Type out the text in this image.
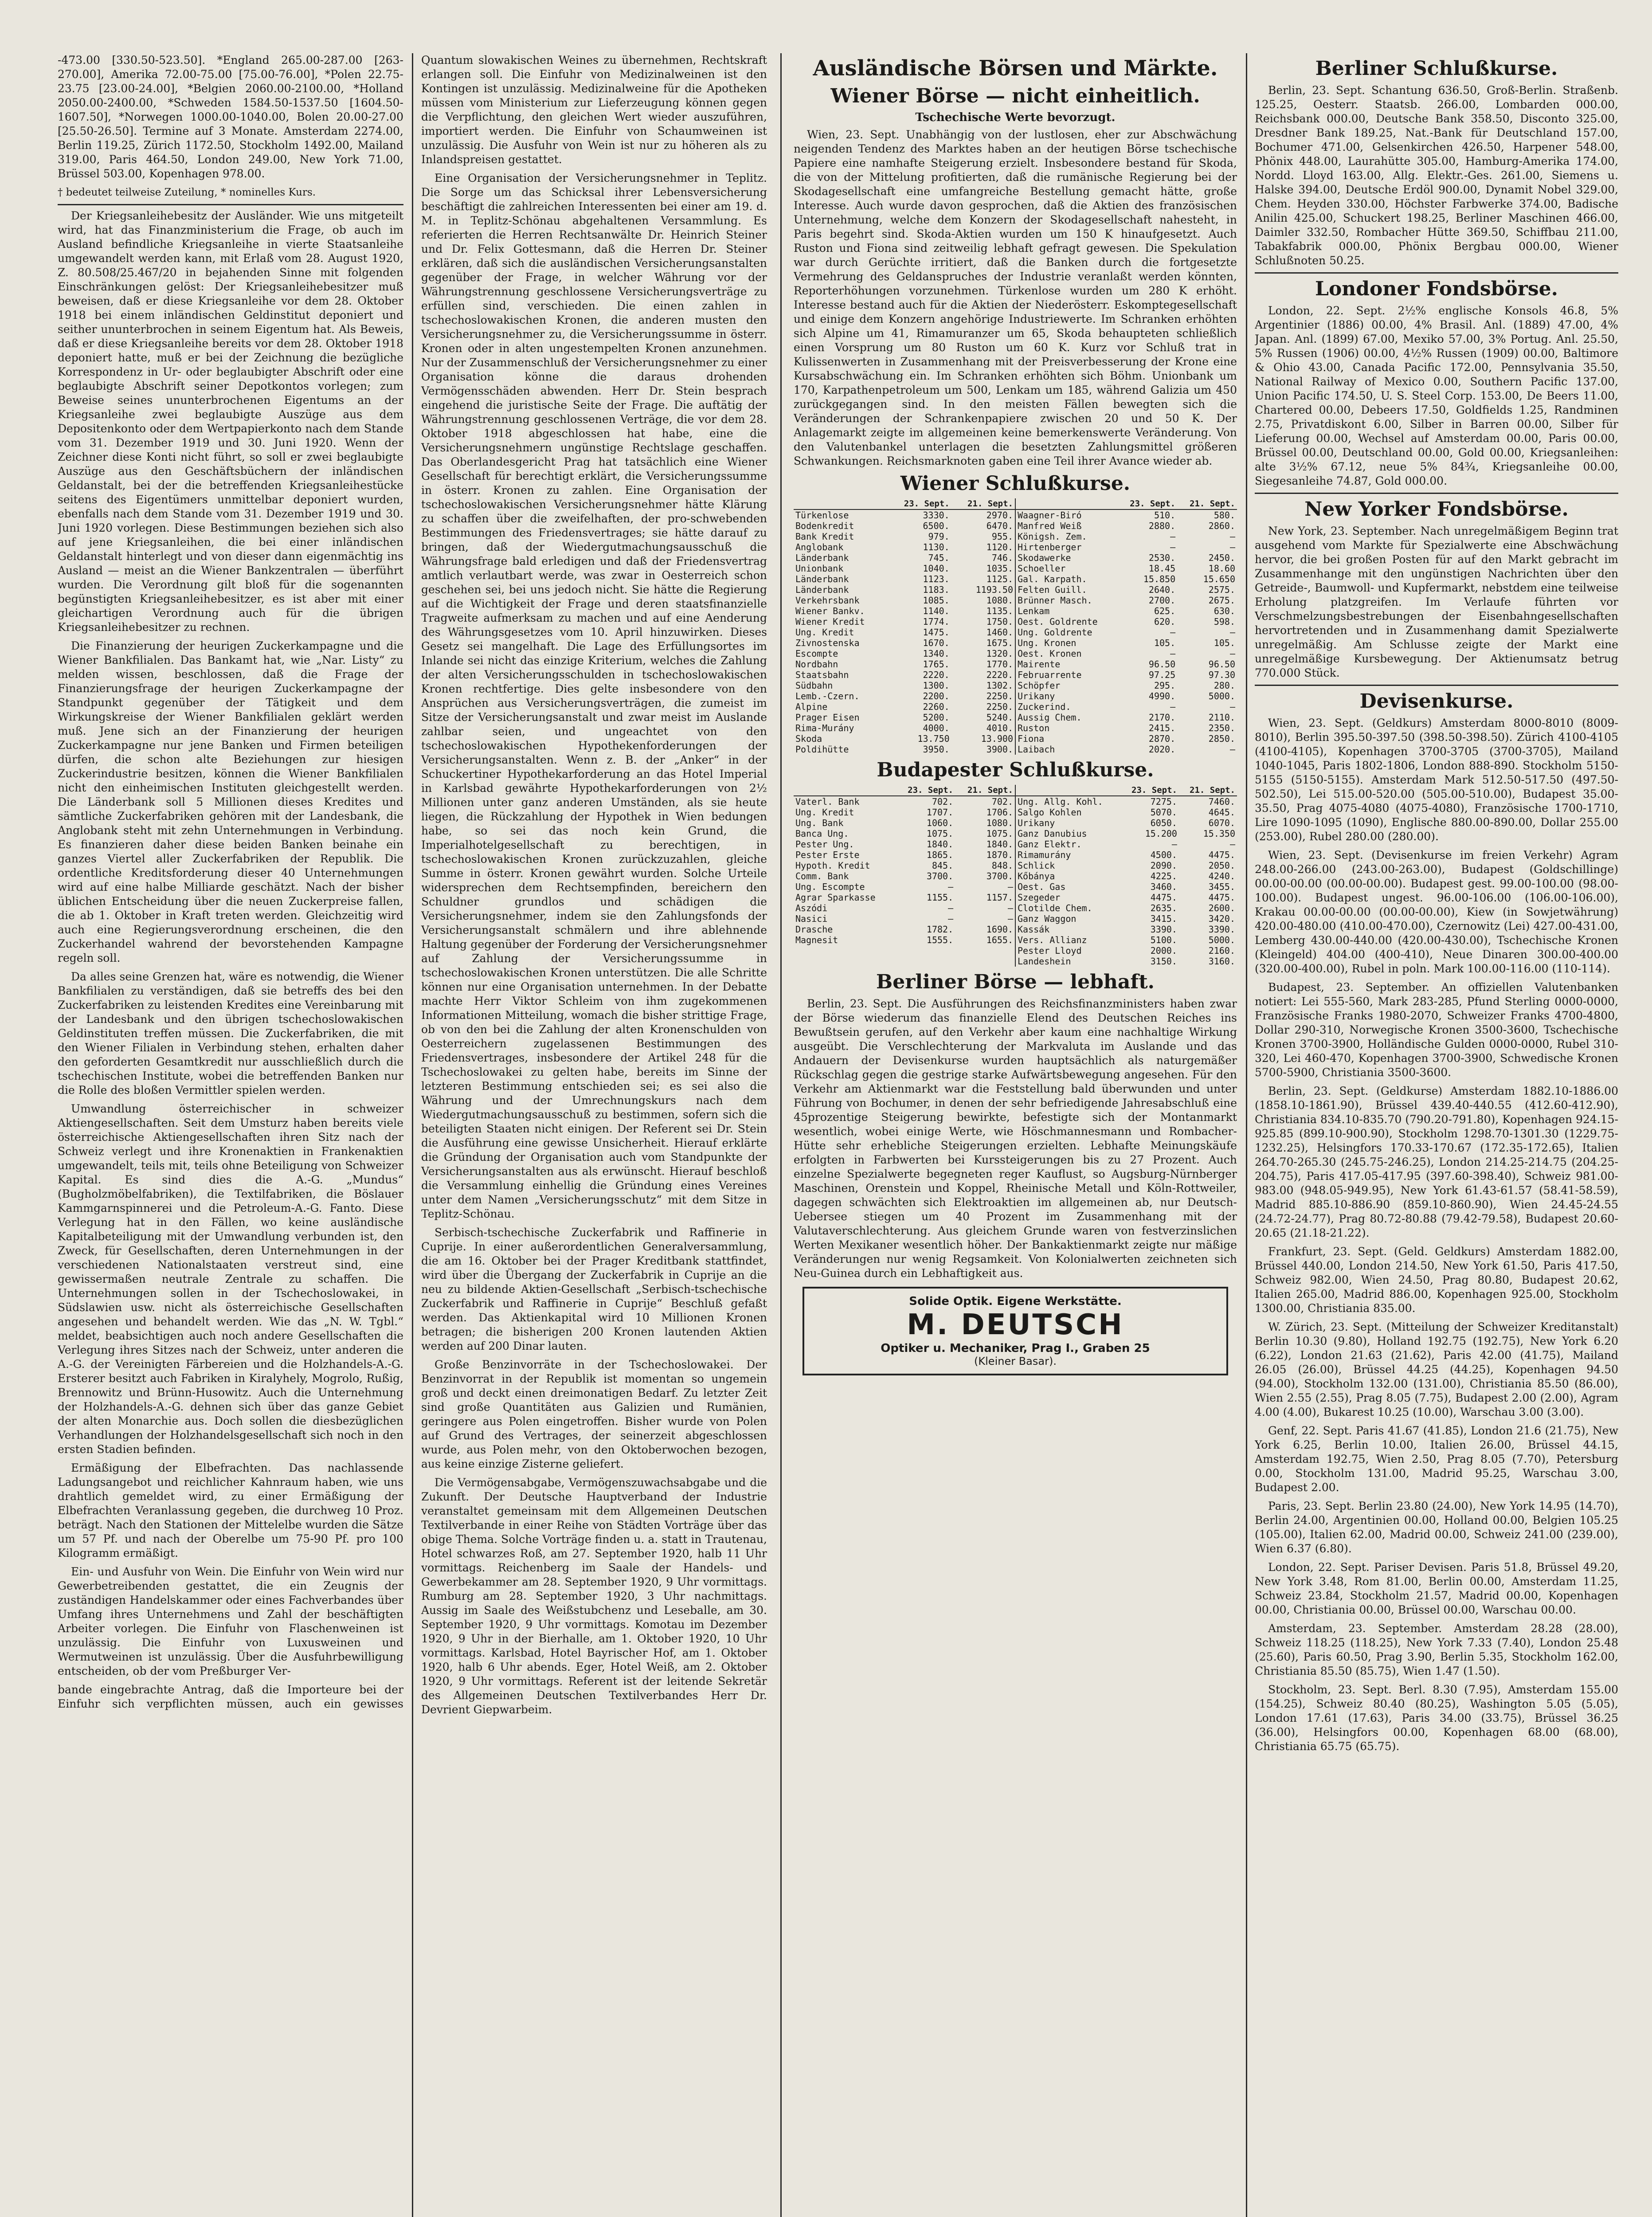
-473.00 [330.50-523.50]. *England 265.00-287.00 [263-270.00], Amerika 72.00-75.00 [75.00-76.00], *Polen 22.75-23.75 [23.00-24.00], *Belgien 2060.00-2100.00, *Holland 2050.00-2400.00, *Schweden 1584.50-1537.50 [1604.50-1607.50], *Norwegen 1000.00-1040.00, Bolen 20.00-27.00 [25.50-26.50]. Termine auf 3 Monate. Amsterdam 2274.00, Berlin 119.25, Zürich 1172.50, Stockholm 1492.00, Mailand 319.00, Paris 464.50, London 249.00, New York 71.00, Brüssel 503.00, Kopenhagen 978.00.

† bedeutet teilweise Zuteilung, * nominelles Kurs.

Der Kriegsanleihebesitz der Ausländer. Wie uns mitgeteilt wird, hat das Finanzministerium die Frage, ob auch im Ausland befindliche Kriegsanleihe in vierte Staatsanleihe umgewandelt werden kann, mit Erlaß vom 28. August 1920, Z. 80.508/25.467/20 in bejahenden Sinne mit folgenden Einschränkungen gelöst: Der Kriegsanleihebesitzer muß beweisen, daß er diese Kriegsanleihe vor dem 28. Oktober 1918 bei einem inländischen Geldinstitut deponiert und seither ununterbrochen in seinem Eigentum hat. Als Beweis, daß er diese Kriegsanleihe bereits vor dem 28. Oktober 1918 deponiert hatte, muß er bei der Zeichnung die bezügliche Korrespondenz in Ur- oder beglaubigter Abschrift oder eine beglaubigte Abschrift seiner Depotkontos vorlegen; zum Beweise seines ununterbrochenen Eigentums an der Kriegsanleihe zwei beglaubigte Auszüge aus dem Depositenkonto oder dem Wertpapierkonto nach dem Stande vom 31. Dezember 1919 und 30. Juni 1920. Wenn der Zeichner diese Konti nicht führt, so soll er zwei beglaubigte Auszüge aus den Geschäftsbüchern der inländischen Geldanstalt, bei der die betreffenden Kriegsanleihestücke seitens des Eigentümers unmittelbar deponiert wurden, ebenfalls nach dem Stande vom 31. Dezember 1919 und 30. Juni 1920 vorlegen. Diese Bestimmungen beziehen sich also auf jene Kriegsanleihen, die bei einer inländischen Geldanstalt hinterlegt und von dieser dann eigenmächtig ins Ausland — meist an die Wiener Bankzentralen — überführt wurden. Die Verordnung gilt bloß für die sogenannten begünstigten Kriegsanleihebesitzer, es ist aber mit einer gleichartigen Verordnung auch für die übrigen Kriegsanleihebesitzer zu rechnen.

Die Finanzierung der heurigen Zuckerkampagne und die Wiener Bankfilialen. Das Bankamt hat, wie „Nar. Listy“ zu melden wissen, beschlossen, daß die Frage der Finanzierungsfrage der heurigen Zuckerkampagne der Standpunkt gegenüber der Tätigkeit und dem Wirkungskreise der Wiener Bankfilialen geklärt werden muß. Jene sich an der Finanzierung der heurigen Zuckerkampagne nur jene Banken und Firmen beteiligen dürfen, die schon alte Beziehungen zur hiesigen Zuckerindustrie besitzen, können die Wiener Bankfilialen nicht den einheimischen Instituten gleichgestellt werden. Die Länderbank soll 5 Millionen dieses Kredites und sämtliche Zuckerfabriken gehören mit der Landesbank, die Anglobank steht mit zehn Unternehmungen in Verbindung. Es finanzieren daher diese beiden Banken beinahe ein ganzes Viertel aller Zuckerfabriken der Republik. Die ordentliche Kreditsforderung dieser 40 Unternehmungen wird auf eine halbe Milliarde geschätzt. Nach der bisher üblichen Entscheidung über die neuen Zuckerpreise fallen, die ab 1. Oktober in Kraft treten werden. Gleichzeitig wird auch eine Regierungsverordnung erscheinen, die den Zuckerhandel wahrend der bevorstehenden Kampagne regeln soll.

Da alles seine Grenzen hat, wäre es notwendig, die Wiener Bankfilialen zu verständigen, daß sie betreffs des bei den Zuckerfabriken zu leistenden Kredites eine Vereinbarung mit der Landesbank und den übrigen tschechoslowakischen Geldinstituten treffen müssen. Die Zuckerfabriken, die mit den Wiener Filialen in Verbindung stehen, erhalten daher den geforderten Gesamtkredit nur ausschließlich durch die tschechischen Institute, wobei die betreffenden Banken nur die Rolle des bloßen Vermittler spielen werden.

Umwandlung österreichischer in schweizer Aktiengesellschaften. Seit dem Umsturz haben bereits viele österreichische Aktiengesellschaften ihren Sitz nach der Schweiz verlegt und ihre Kronenaktien in Frankenaktien umgewandelt, teils mit, teils ohne Beteiligung von Schweizer Kapital. Es sind dies die A.-G. „Mundus“ (Bugholzmöbelfabriken), die Textilfabriken, die Böslauer Kammgarnspinnerei und die Petroleum-A.-G. Fanto. Diese Verlegung hat in den Fällen, wo keine ausländische Kapitalbeteiligung mit der Umwandlung verbunden ist, den Zweck, für Gesellschaften, deren Unternehmungen in der verschiedenen Nationalstaaten verstreut sind, eine gewissermaßen neutrale Zentrale zu schaffen. Die Unternehmungen sollen in der Tschechoslowakei, in Südslawien usw. nicht als österreichische Gesellschaften angesehen und behandelt werden. Wie das „N. W. Tgbl.“ meldet, beabsichtigen auch noch andere Gesellschaften die Verlegung ihres Sitzes nach der Schweiz, unter anderen die A.-G. der Vereinigten Färbereien und die Holzhandels-A.-G. Ersterer besitzt auch Fabriken in Kiralyhely, Mogrolo, Rußig, Brennowitz und Brünn-Husowitz. Auch die Unternehmung der Holzhandels-A.-G. dehnen sich über das ganze Gebiet der alten Monarchie aus. Doch sollen die diesbezüglichen Verhandlungen der Holzhandelsgesellschaft sich noch in den ersten Stadien befinden.

Ermäßigung der Elbefrachten. Das nachlassende Ladungsangebot und reichlicher Kahnraum haben, wie uns drahtlich gemeldet wird, zu einer Ermäßigung der Elbefrachten Veranlassung gegeben, die durchweg 10 Proz. beträgt. Nach den Stationen der Mittelelbe wurden die Sätze um 57 Pf. und nach der Oberelbe um 75-90 Pf. pro 100 Kilogramm ermäßigt.

Ein- und Ausfuhr von Wein. Die Einfuhr von Wein wird nur Gewerbetreibenden gestattet, die ein Zeugnis der zuständigen Handelskammer oder eines Fachverbandes über Umfang ihres Unternehmens und Zahl der beschäftigten Arbeiter vorlegen. Die Einfuhr von Flaschenweinen ist unzulässig. Die Einfuhr von Luxusweinen und Wermutweinen ist unzulässig. Über die Ausfuhrbewilligung entscheiden, ob der vom Preßburger Ver-

bande eingebrachte Antrag, daß die Importeure bei der Einfuhr sich verpflichten müssen, auch ein gewisses Quantum slowakischen Weines zu übernehmen, Rechtskraft erlangen soll. Die Einfuhr von Medizinalweinen ist den Kontingen ist unzulässig. Medizinalweine für die Apotheken müssen vom Ministerium zur Lieferzeugung können gegen die Verpflichtung, den gleichen Wert wieder auszuführen, importiert werden. Die Einfuhr von Schaumweinen ist unzulässig. Die Ausfuhr von Wein ist nur zu höheren als zu Inlandspreisen gestattet.

Eine Organisation der Versicherungsnehmer in Teplitz. Die Sorge um das Schicksal ihrer Lebensversicherung beschäftigt die zahlreichen Interessenten bei einer am 19. d. M. in Teplitz-Schönau abgehaltenen Versammlung. Es referierten die Herren Rechtsanwälte Dr. Heinrich Steiner und Dr. Felix Gottesmann, daß die Herren Dr. Steiner erklären, daß sich die ausländischen Versicherungsanstalten gegenüber der Frage, in welcher Währung vor der Währungstrennung geschlossene Versicherungsverträge zu erfüllen sind, verschieden. Die einen zahlen in tschechoslowakischen Kronen, die anderen musten den Versicherungsnehmer zu, die Versicherungssumme in österr. Kronen oder in alten ungestempelten Kronen anzunehmen. Nur der Zusammenschluß der Versicherungsnehmer zu einer Organisation könne die daraus drohenden Vermögensschäden abwenden. Herr Dr. Stein besprach eingehend die juristische Seite der Frage. Die auftätig der Währungstrennung geschlossenen Verträge, die vor dem 28. Oktober 1918 abgeschlossen hat habe, eine die Versicherungsnehmern ungünstige Rechtslage geschaffen. Das Oberlandesgericht Prag hat tatsächlich eine Wiener Gesellschaft für berechtigt erklärt, die Versicherungssumme in österr. Kronen zu zahlen. Eine Organisation der tschechoslowakischen Versicherungsnehmer hätte Klärung zu schaffen über die zweifelhaften, der pro-schwebenden Bestimmungen des Friedensvertrages; sie hätte darauf zu bringen, daß der Wiedergutmachungsausschuß die Währungsfrage bald erledigen und daß der Friedensvertrag amtlich verlautbart werde, was zwar in Oesterreich schon geschehen sei, bei uns jedoch nicht. Sie hätte die Regierung auf die Wichtigkeit der Frage und deren staatsfinanzielle Tragweite aufmerksam zu machen und auf eine Aenderung des Währungsgesetzes vom 10. April hinzuwirken. Dieses Gesetz sei mangelhaft. Die Lage des Erfüllungsortes im Inlande sei nicht das einzige Kriterium, welches die Zahlung der alten Versicherungsschulden in tschechoslowakischen Kronen rechtfertige. Dies gelte insbesondere von den Ansprüchen aus Versicherungsverträgen, die zumeist im Sitze der Versicherungsanstalt und zwar meist im Auslande zahlbar seien, und ungeachtet von den tschechoslowakischen Hypothekenforderungen der Versicherungsanstalten. Wenn z. B. der „Anker“ in der Schuckertiner Hypothekarforderung an das Hotel Imperial in Karlsbad gewährte Hypothekarforderungen von 2½ Millionen unter ganz anderen Umständen, als sie heute liegen, die Rückzahlung der Hypothek in Wien bedungen habe, so sei das noch kein Grund, die Imperialhotelgesellschaft zu berechtigen, in tschechoslowakischen Kronen zurückzuzahlen, gleiche Summe in österr. Kronen gewährt wurden. Solche Urteile widersprechen dem Rechtsempfinden, bereichern den Schuldner grundlos und schädigen die Versicherungsnehmer, indem sie den Zahlungsfonds der Versicherungsanstalt schmälern und ihre ablehnende Haltung gegenüber der Forderung der Versicherungsnehmer auf Zahlung der Versicherungssumme in tschechoslowakischen Kronen unterstützen. Die alle Schritte können nur eine Organisation unternehmen. In der Debatte machte Herr Viktor Schleim von ihm zugekommenen Informationen Mitteilung, womach die bisher strittige Frage, ob von den bei die Zahlung der alten Kronenschulden von Oesterreichern zugelassenen Bestimmungen des Friedensvertrages, insbesondere der Artikel 248 für die Tschechoslowakei zu gelten habe, bereits im Sinne der letzteren Bestimmung entschieden sei; es sei also die Währung und der Umrechnungskurs nach dem Wiedergutmachungsausschuß zu bestimmen, sofern sich die beteiligten Staaten nicht einigen. Der Referent sei Dr. Stein die Ausführung eine gewisse Unsicherheit. Hierauf erklärte die Gründung der Organisation auch vom Standpunkte der Versicherungsanstalten aus als erwünscht. Hierauf beschloß die Versammlung einhellig die Gründung eines Vereines unter dem Namen „Versicherungsschutz“ mit dem Sitze in Teplitz-Schönau.

Serbisch-tschechische Zuckerfabrik und Raffinerie in Cuprije. In einer außerordentlichen Generalversammlung, die am 16. Oktober bei der Prager Kreditbank stattfindet, wird über die Übergang der Zuckerfabrik in Cuprije an die neu zu bildende Aktien-Gesellschaft „Serbisch-tschechische Zuckerfabrik und Raffinerie in Cuprije“ Beschluß gefaßt werden. Das Aktienkapital wird 10 Millionen Kronen betragen; die bisherigen 200 Kronen lautenden Aktien werden auf 200 Dinar lauten.

Große Benzinvorräte in der Tschechoslowakei. Der Benzinvorrat in der Republik ist momentan so ungemein groß und deckt einen dreimonatigen Bedarf. Zu letzter Zeit sind große Quantitäten aus Galizien und Rumänien, geringere aus Polen eingetroffen. Bisher wurde von Polen auf Grund des Vertrages, der seinerzeit abgeschlossen wurde, aus Polen mehr, von den Oktoberwochen bezogen, aus keine einzige Zisterne geliefert.

Die Vermögensabgabe, Vermögenszuwachsabgabe und die Zukunft. Der Deutsche Hauptverband der Industrie veranstaltet gemeinsam mit dem Allgemeinen Deutschen Textilverbande in einer Reihe von Städten Vorträge über das obige Thema. Solche Vorträge finden u. a. statt in Trautenau, Hotel schwarzes Roß, am 27. September 1920, halb 11 Uhr vormittags. Reichenberg im Saale der Handels- und Gewerbekammer am 28. September 1920, 9 Uhr vormittags. Rumburg am 28. September 1920, 3 Uhr nachmittags. Aussig im Saale des Weißstubchenz und Leseballe, am 30. September 1920, 9 Uhr vormittags. Komotau im Dezember 1920, 9 Uhr in der Bierhalle, am 1. Oktober 1920, 10 Uhr vormittags. Karlsbad, Hotel Bayrischer Hof, am 1. Oktober 1920, halb 6 Uhr abends. Eger, Hotel Weiß, am 2. Oktober 1920, 9 Uhr vormittags. Referent ist der leitende Sekretär des Allgemeinen Deutschen Textilverbandes Herr Dr. Devrient Giepwarbeim.

Ausländische Börsen und Märkte.
Wiener Börse — nicht einheitlich.
Tschechische Werte bevorzugt.

Wien, 23. Sept. Unabhängig von der lustlosen, eher zur Abschwächung neigenden Tendenz des Marktes haben an der heutigen Börse tschechische Papiere eine namhafte Steigerung erzielt. Insbesondere bestand für Skoda, die von der Mittelung profitierten, daß die rumänische Regierung bei der Skodagesellschaft eine umfangreiche Bestellung gemacht hätte, große Interesse. Auch wurde davon gesprochen, daß die Aktien des französischen Unternehmung, welche dem Konzern der Skodagesellschaft nahesteht, in Paris begehrt sind. Skoda-Aktien wurden um 150 K hinaufgesetzt. Auch Ruston und Fiona sind zeitweilig lebhaft gefragt gewesen. Die Spekulation war durch Gerüchte irritiert, daß die Banken durch die fortgesetzte Vermehrung des Geldanspruches der Industrie veranlaßt werden könnten, Reporterhöhungen vorzunehmen. Türkenlose wurden um 280 K erhöht. Interesse bestand auch für die Aktien der Niederösterr. Eskomptegesellschaft und einige dem Konzern angehörige Industriewerte. Im Schranken erhöhten sich Alpine um 41, Rimamuranzer um 65, Skoda behaupteten schließlich einen Vorsprung um 80 Ruston um 60 K. Kurz vor Schluß trat in Kulissenwerten in Zusammenhang mit der Preisverbesserung der Krone eine Kursabschwächung ein. Im Schranken erhöhten sich Böhm. Unionbank um 170, Karpathenpetroleum um 500, Lenkam um 185, während Galizia um 450 zurückgegangen sind. In den meisten Fällen bewegten sich die Veränderungen der Schrankenpapiere zwischen 20 und 50 K. Der Anlagemarkt zeigte im allgemeinen keine bemerkenswerte Veränderung. Von den Valutenbankel unterlagen die besetzten Zahlungsmittel größeren Schwankungen. Reichsmarknoten gaben eine Teil ihrer Avance wieder ab.

Wiener Schlußkurse.
	23. Sept.	21. Sept.
Türkenlose	3330.	2970.
Bodenkredit	6500.	6470.
Bank Kredit	979.	955.
Anglobank	1130.	1120.
Länderbank	745.	746.
Unionbank	1040.	1035.
Länderbank	1123.	1125.
Länderbank	1183.	1193.50
Verkehrsbank	1085.	1080.
Wiener Bankv.	1140.	1135.
Wiener Kredit	1774.	1750.
Ung. Kredit	1475.	1460.
Zivnostenska	1670.	1675.
Escompte	1340.	1320.
Nordbahn	1765.	1770.
Staatsbahn	2220.	2220.
Südbahn	1300.	1302.
Lemb.-Czern.	2200.	2250.
Alpine	2260.	2250.
Prager Eisen	5200.	5240.
Rima-Murány	4000.	4010.
Skoda	13.750	13.900
Poldihütte	3950.	3900.
	23. Sept.	21. Sept.
Waagner-Biró	510.	580.
Manfred Weiß	2880.	2860.
Königsh. Zem.	—	—
Hirtenberger	—	—
Skodawerke	2530.	2450.
Schoeller	18.45	18.60
Gal. Karpath.	15.850	15.650
Felten Guill.	2640.	2575.
Brünner Masch.	2700.	2675.
Lenkam	625.	630.
Oest. Goldrente	620.	598.
Ung. Goldrente	—	—
Ung. Kronen	105.	105.
Oest. Kronen	—	—
Mairente	96.50	96.50
Februarrente	97.25	97.30
Schöpfer	295.	280.
Urikany	4990.	5000.
Zuckerind.	—	—
Aussig Chem.	2170.	2110.
Ruston	2415.	2350.
Fiona	2870.	2850.
Laibach	2020.	—
Budapester Schlußkurse.
	23. Sept.	21. Sept.
Vaterl. Bank	702.	702.
Ung. Kredit	1707.	1706.
Ung. Bank	1060.	1080.
Banca Ung.	1075.	1075.
Pester Ung.	1840.	1840.
Pester Erste	1865.	1870.
Hypoth. Kredit	845.	848.
Comm. Bank	3700.	3700.
Ung. Escompte	—	—
Agrar Sparkasse	1155.	1157.
Aszódi	—	—
Nasici	—	—
Drasche	1782.	1690.
Magnesit	1555.	1655.
	23. Sept.	21. Sept.
Ung. Allg. Kohl.	7275.	7460.
Salgo Kohlen	5070.	4645.
Urikany	6050.	6070.
Ganz Danubius	15.200	15.350
Ganz Elektr.	—	—
Rimamurány	4500.	4475.
Schlick	2090.	2050.
Kőbánya	4225.	4240.
Oest. Gas	3460.	3455.
Szegeder	4475.	4475.
Clotilde Chem.	2635.	2600.
Ganz Waggon	3415.	3420.
Kassák	3390.	3390.
Vers. Allianz	5100.	5000.
Pester Lloyd	2000.	2160.
Landeshein	3150.	3160.
Berliner Börse — lebhaft.

Berlin, 23. Sept. Die Ausführungen des Reichsfinanzministers haben zwar der Börse wiederum das finanzielle Elend des Deutschen Reiches ins Bewußtsein gerufen, auf den Verkehr aber kaum eine nachhaltige Wirkung ausgeübt. Die Verschlechterung der Markvaluta im Auslande und das Andauern der Devisenkurse wurden hauptsächlich als naturgemäßer Rückschlag gegen die gestrige starke Aufwärtsbewegung angesehen. Für den Verkehr am Aktienmarkt war die Feststellung bald überwunden und unter Führung von Bochumer, in denen der sehr befriedigende Jahresabschluß eine 45prozentige Steigerung bewirkte, befestigte sich der Montanmarkt wesentlich, wobei einige Werte, wie Höschmannesmann und Rombacher-Hütte sehr erhebliche Steigerungen erzielten. Lebhafte Meinungskäufe erfolgten in Farbwerten bei Kurssteigerungen bis zu 27 Prozent. Auch einzelne Spezialwerte begegneten reger Kauflust, so Augsburg-Nürnberger Maschinen, Orenstein und Koppel, Rheinische Metall und Köln-Rottweiler, dagegen schwächten sich Elektroaktien im allgemeinen ab, nur Deutsch-Uebersee stiegen um 40 Prozent im Zusammenhang mit der Valutaverschlechterung. Aus gleichem Grunde waren von festverzinslichen Werten Mexikaner wesentlich höher. Der Bankaktienmarkt zeigte nur mäßige Veränderungen nur wenig Regsamkeit. Von Kolonialwerten zeichneten sich Neu-Guinea durch ein Lebhaftigkeit aus.

Solide Optik. Eigene Werkstätte.
M. DEUTSCH
Optiker u. Mechaniker, Prag I., Graben 25
(Kleiner Basar).
Berliner Schlußkurse.

Berlin, 23. Sept. Schantung 636.50, Groß-Berlin. Straßenb. 125.25, Oesterr. Staatsb. 266.00, Lombarden 000.00, Reichsbank 000.00, Deutsche Bank 358.50, Disconto 325.00, Dresdner Bank 189.25, Nat.-Bank für Deutschland 157.00, Bochumer 471.00, Gelsenkirchen 426.50, Harpener 548.00, Phönix 448.00, Laurahütte 305.00, Hamburg-Amerika 174.00, Nordd. Lloyd 163.00, Allg. Elektr.-Ges. 261.00, Siemens u. Halske 394.00, Deutsche Erdöl 900.00, Dynamit Nobel 329.00, Chem. Heyden 330.00, Höchster Farbwerke 374.00, Badische Anilin 425.00, Schuckert 198.25, Berliner Maschinen 466.00, Daimler 332.50, Rombacher Hütte 369.50, Schiffbau 211.00, Tabakfabrik 000.00, Phönix Bergbau 000.00, Wiener Schlußnoten 50.25.

Londoner Fondsbörse.

London, 22. Sept. 2½% englische Konsols 46.8, 5% Argentinier (1886) 00.00, 4% Brasil. Anl. (1889) 47.00, 4% Japan. Anl. (1899) 67.00, Mexiko 57.00, 3% Portug. Anl. 25.50, 5% Russen (1906) 00.00, 4½% Russen (1909) 00.00, Baltimore & Ohio 43.00, Canada Pacific 172.00, Pennsylvania 35.50, National Railway of Mexico 0.00, Southern Pacific 137.00, Union Pacific 174.50, U. S. Steel Corp. 153.00, De Beers 11.00, Chartered 00.00, Debeers 17.50, Goldfields 1.25, Randminen 2.75, Privatdiskont 6.00, Silber in Barren 00.00, Silber für Lieferung 00.00, Wechsel auf Amsterdam 00.00, Paris 00.00, Brüssel 00.00, Deutschland 00.00, Gold 00.00, Kriegsanleihen: alte 3½% 67.12, neue 5% 84¾, Kriegsanleihe 00.00, Siegesanleihe 74.87, Gold 000.00.

New Yorker Fondsbörse.

New York, 23. September. Nach unregelmäßigem Beginn trat ausgehend vom Markte für Spezialwerte eine Abschwächung hervor, die bei großen Posten für auf den Markt gebracht im Zusammenhange mit den ungünstigen Nachrichten über den Getreide-, Baumwoll- und Kupfermarkt, nebstdem eine teilweise Erholung platzgreifen. Im Verlaufe führten vor Verschmelzungsbestrebungen der Eisenbahngesellschaften hervortretenden und in Zusammenhang damit Spezialwerte unregelmäßig. Am Schlusse zeigte der Markt eine unregelmäßige Kursbewegung. Der Aktienumsatz betrug 770.000 Stück.

Devisenkurse.

Wien, 23. Sept. (Geldkurs) Amsterdam 8000-8010 (8009-8010), Berlin 395.50-397.50 (398.50-398.50). Zürich 4100-4105 (4100-4105), Kopenhagen 3700-3705 (3700-3705), Mailand 1040-1045, Paris 1802-1806, London 888-890. Stockholm 5150-5155 (5150-5155). Amsterdam Mark 512.50-517.50 (497.50-502.50), Lei 515.00-520.00 (505.00-510.00), Budapest 35.00-35.50, Prag 4075-4080 (4075-4080), Französische 1700-1710, Lire 1090-1095 (1090), Englische 880.00-890.00, Dollar 255.00 (253.00), Rubel 280.00 (280.00).

Wien, 23. Sept. (Devisenkurse im freien Verkehr) Agram 248.00-266.00 (243.00-263.00), Budapest (Goldschillinge) 00.00-00.00 (00.00-00.00). Budapest gest. 99.00-100.00 (98.00-100.00). Budapest ungest. 96.00-106.00 (106.00-106.00), Krakau 00.00-00.00 (00.00-00.00), Kiew (in Sowjetwährung) 420.00-480.00 (410.00-470.00), Czernowitz (Lei) 427.00-431.00, Lemberg 430.00-440.00 (420.00-430.00), Tschechische Kronen (Kleingeld) 404.00 (400-410), Neue Dinaren 300.00-400.00 (320.00-400.00), Rubel in poln. Mark 100.00-116.00 (110-114).

Budapest, 23. September. An offiziellen Valutenbanken notiert: Lei 555-560, Mark 283-285, Pfund Sterling 0000-0000, Französische Franks 1980-2070, Schweizer Franks 4700-4800, Dollar 290-310, Norwegische Kronen 3500-3600, Tschechische Kronen 3700-3900, Holländische Gulden 0000-0000, Rubel 310-320, Lei 460-470, Kopenhagen 3700-3900, Schwedische Kronen 5700-5900, Christiania 3500-3600.

Berlin, 23. Sept. (Geldkurse) Amsterdam 1882.10-1886.00 (1858.10-1861.90), Brüssel 439.40-440.55 (412.60-412.90), Christiania 834.10-835.70 (790.20-791.80), Kopenhagen 924.15-925.85 (899.10-900.90), Stockholm 1298.70-1301.30 (1229.75-1232.25), Helsingfors 170.33-170.67 (172.35-172.65), Italien 264.70-265.30 (245.75-246.25), London 214.25-214.75 (204.25-204.75), Paris 417.05-417.95 (397.60-398.40), Schweiz 981.00-983.00 (948.05-949.95), New York 61.43-61.57 (58.41-58.59), Madrid 885.10-886.90 (859.10-860.90), Wien 24.45-24.55 (24.72-24.77), Prag 80.72-80.88 (79.42-79.58), Budapest 20.60-20.65 (21.18-21.22).

Frankfurt, 23. Sept. (Geld. Geldkurs) Amsterdam 1882.00, Brüssel 440.00, London 214.50, New York 61.50, Paris 417.50, Schweiz 982.00, Wien 24.50, Prag 80.80, Budapest 20.62, Italien 265.00, Madrid 886.00, Kopenhagen 925.00, Stockholm 1300.00, Christiania 835.00.

W. Zürich, 23. Sept. (Mitteilung der Schweizer Kreditanstalt) Berlin 10.30 (9.80), Holland 192.75 (192.75), New York 6.20 (6.22), London 21.63 (21.62), Paris 42.00 (41.75), Mailand 26.05 (26.00), Brüssel 44.25 (44.25), Kopenhagen 94.50 (94.00), Stockholm 132.00 (131.00), Christiania 85.50 (86.00), Wien 2.55 (2.55), Prag 8.05 (7.75), Budapest 2.00 (2.00), Agram 4.00 (4.00), Bukarest 10.25 (10.00), Warschau 3.00 (3.00).

Genf, 22. Sept. Paris 41.67 (41.85), London 21.6 (21.75), New York 6.25, Berlin 10.00, Italien 26.00, Brüssel 44.15, Amsterdam 192.75, Wien 2.50, Prag 8.05 (7.70), Petersburg 0.00, Stockholm 131.00, Madrid 95.25, Warschau 3.00, Budapest 2.00.

Paris, 23. Sept. Berlin 23.80 (24.00), New York 14.95 (14.70), Berlin 24.00, Argentinien 00.00, Holland 00.00, Belgien 105.25 (105.00), Italien 62.00, Madrid 00.00, Schweiz 241.00 (239.00), Wien 6.37 (6.80).

London, 22. Sept. Pariser Devisen. Paris 51.8, Brüssel 49.20, New York 3.48, Rom 81.00, Berlin 00.00, Amsterdam 11.25, Schweiz 23.84, Stockholm 21.57, Madrid 00.00, Kopenhagen 00.00, Christiania 00.00, Brüssel 00.00, Warschau 00.00.

Amsterdam, 23. September. Amsterdam 28.28 (28.00), Schweiz 118.25 (118.25), New York 7.33 (7.40), London 25.48 (25.60), Paris 60.50, Prag 3.90, Berlin 5.35, Stockholm 162.00, Christiania 85.50 (85.75), Wien 1.47 (1.50).

Stockholm, 23. Sept. Berl. 8.30 (7.95), Amsterdam 155.00 (154.25), Schweiz 80.40 (80.25), Washington 5.05 (5.05), London 17.61 (17.63), Paris 34.00 (33.75), Brüssel 36.25 (36.00), Helsingfors 00.00, Kopenhagen 68.00 (68.00), Christiania 65.75 (65.75).
